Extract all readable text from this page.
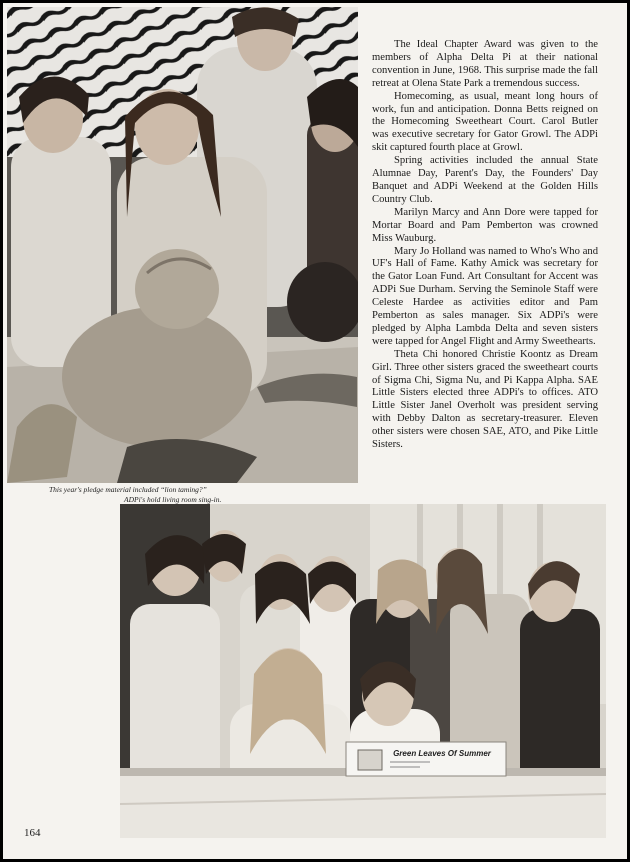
This year's pledge material included “lion taming?”
ADPi's hold living room sing-in.

The Ideal Chapter Award was given to the members of Alpha Delta Pi at their national convention in June, 1968. This surprise made the fall retreat at Olena State Park a tremendous success.

Homecoming, as usual, meant long hours of work, fun and anticipation. Donna Betts reigned on the Homecoming Sweetheart Court. Carol Butler was executive secretary for Gator Growl. The ADPi skit captured fourth place at Growl.

Spring activities included the annual State Alumnae Day, Parent's Day, the Founders' Day Banquet and ADPi Weekend at the Golden Hills Country Club.

Marilyn Marcy and Ann Dore were tapped for Mortar Board and Pam Pemberton was crowned Miss Wauburg.

Mary Jo Holland was named to Who's Who and UF's Hall of Fame. Kathy Amick was secretary for the Gator Loan Fund. Art Consultant for Accent was ADPi Sue Durham. Serving the Seminole Staff were Celeste Hardee as activities editor and Pam Pemberton as sales manager. Six ADPi's were pledged by Alpha Lambda Delta and seven sisters were tapped for Angel Flight and Army Sweethearts.

Theta Chi honored Christie Koontz as Dream Girl. Three other sisters graced the sweetheart courts of Sigma Chi, Sigma Nu, and Pi Kappa Alpha. SAE Little Sisters elected three ADPi's to offices. ATO Little Sister Janel Overholt was president serving with Debby Dalton as secretary-treasurer. Eleven other sisters were chosen SAE, ATO, and Pike Little Sisters.

Green Leaves Of Summer
164
